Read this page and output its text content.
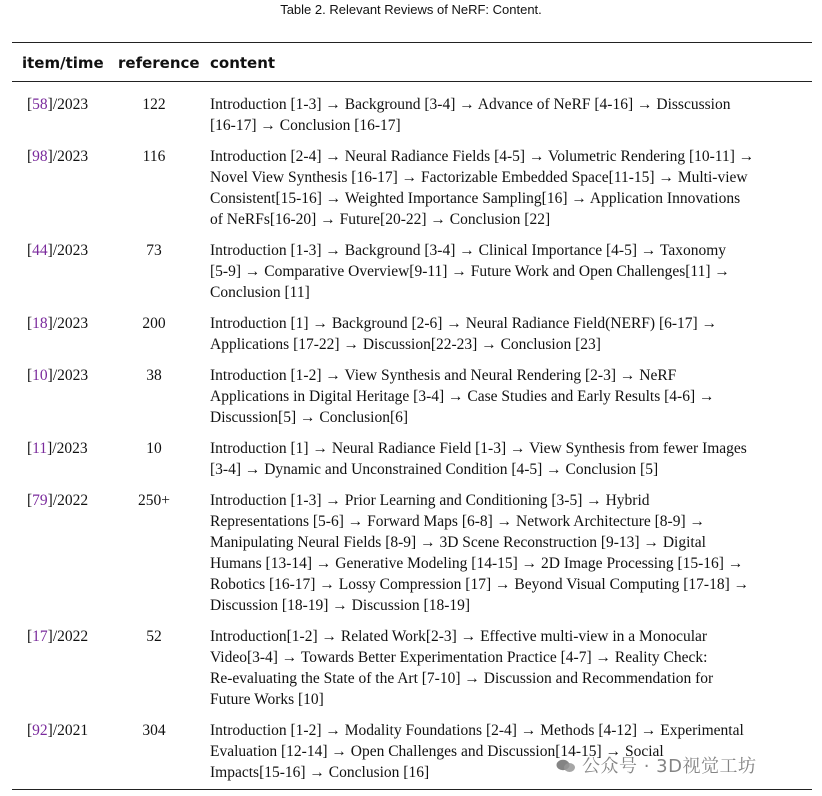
Table 2. Relevant Reviews of NeRF: Content.
item/time reference content
[58]/2023	122	Introduction [1-3] → Background [3-4] → Advance of NeRF [4-16] → Disscussion
[16-17] → Conclusion [16-17]
[98]/2023	116	Introduction [2-4] → Neural Radiance Fields [4-5] → Volumetric Rendering [10-11] →
Novel View Synthesis [16-17] → Factorizable Embedded Space[11-15] → Multi-view
Consistent[15-16] → Weighted Importance Sampling[16] → Application Innovations
of NeRFs[16-20] → Future[20-22] → Conclusion [22]
[44]/2023	73	Introduction [1-3] → Background [3-4] → Clinical Importance [4-5] → Taxonomy
[5-9] → Comparative Overview[9-11] → Future Work and Open Challenges[11] →
Conclusion [11]
[18]/2023	200	Introduction [1] → Background [2-6] → Neural Radiance Field(NERF) [6-17] →
Applications [17-22] → Discussion[22-23] → Conclusion [23]
[10]/2023	38	Introduction [1-2] → View Synthesis and Neural Rendering [2-3] → NeRF
Applications in Digital Heritage [3-4] → Case Studies and Early Results [4-6] →
Discussion[5] → Conclusion[6]
[11]/2023	10	Introduction [1] → Neural Radiance Field [1-3] → View Synthesis from fewer Images
[3-4] → Dynamic and Unconstrained Condition [4-5] → Conclusion [5]
[79]/2022	250+	Introduction [1-3] → Prior Learning and Conditioning [3-5] → Hybrid
Representations [5-6] → Forward Maps [6-8] → Network Architecture [8-9] →
Manipulating Neural Fields [8-9] → 3D Scene Reconstruction [9-13] → Digital
Humans [13-14] → Generative Modeling [14-15] → 2D Image Processing [15-16] →
Robotics [16-17] → Lossy Compression [17] → Beyond Visual Computing [17-18] →
Discussion [18-19] → Discussion [18-19]
[17]/2022	52	Introduction[1-2] → Related Work[2-3] → Effective multi-view in a Monocular
Video[3-4] → Towards Better Experimentation Practice [4-7] → Reality Check:
Re-evaluating the State of the Art [7-10] → Discussion and Recommendation for
Future Works [10]
[92]/2021	304	Introduction [1-2] → Modality Foundations [2-4] → Methods [4-12] → Experimental
Evaluation [12-14] → Open Challenges and Discussion[14-15] → Social
Impacts[15-16] → Conclusion [16]	公众号 · 3D视觉工坊
